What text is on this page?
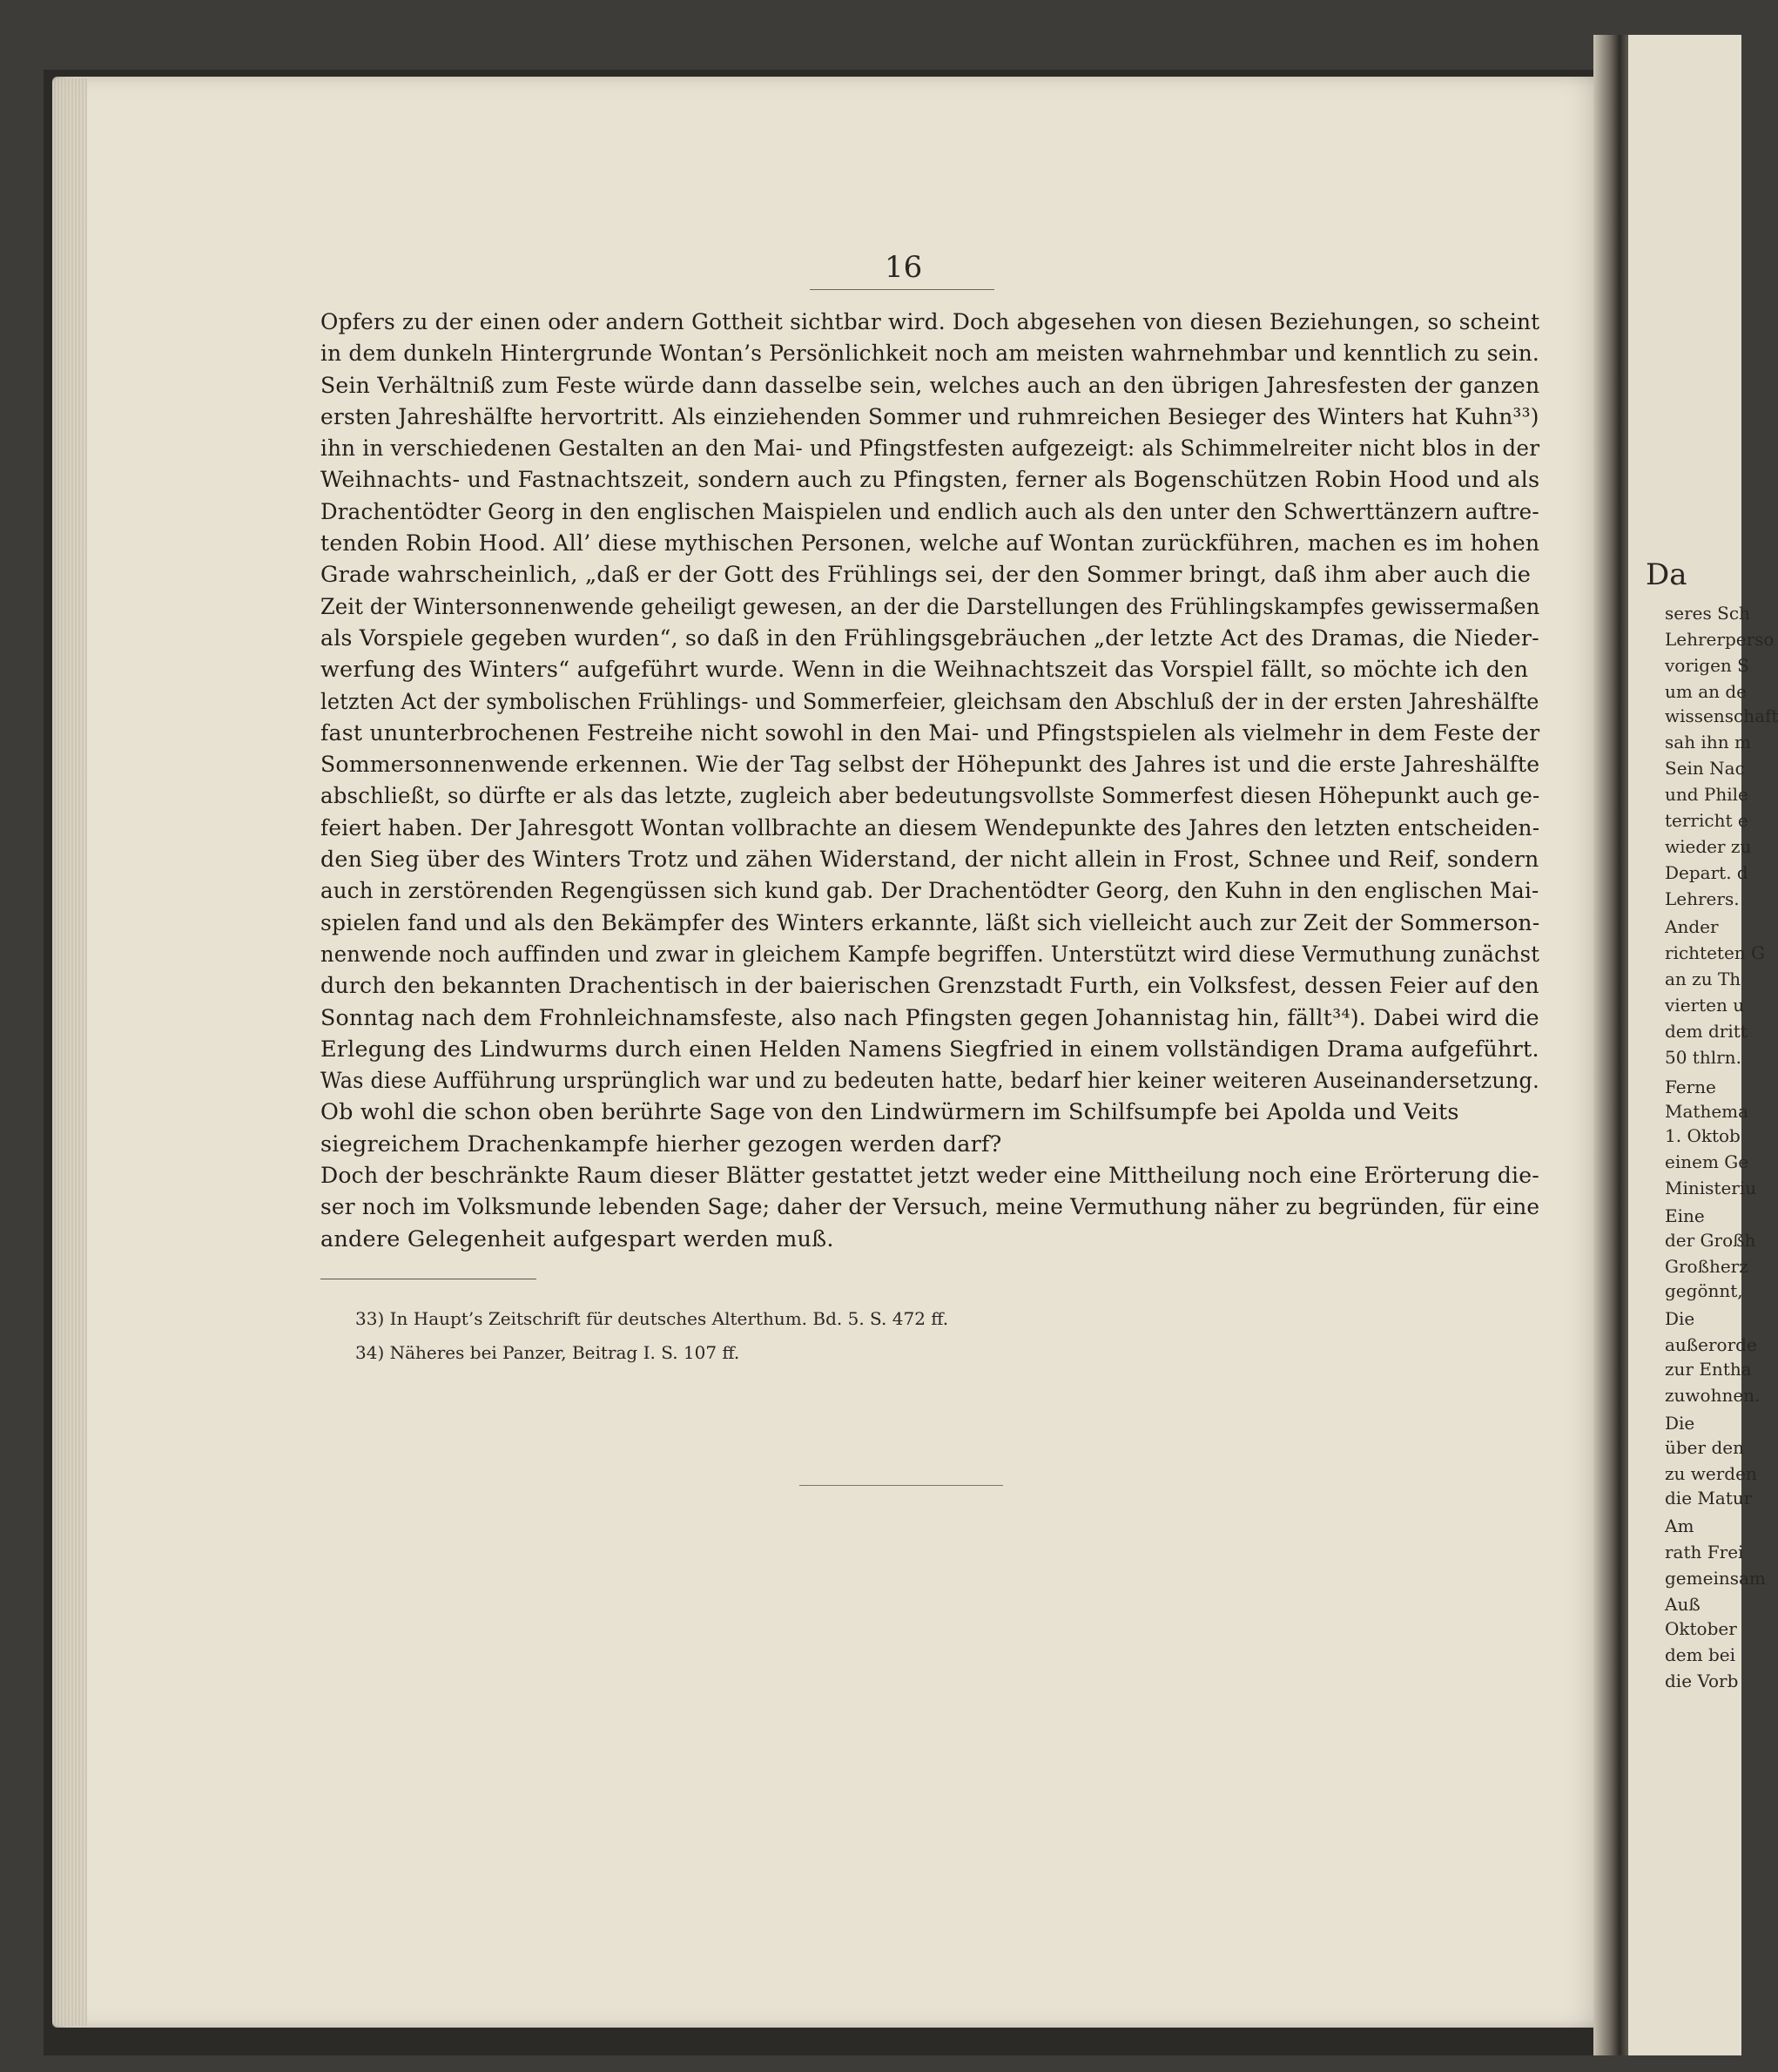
Da
seres Sch
Lehrerperso
vorigen S
um an de
wissenschaft
sah ihn m
Sein Nac
und Phile
terricht e
wieder zu
Depart. d
Lehrers.
Ander
richteten G
an zu Th
vierten u
dem dritt
50 thlrn.
Ferne
Mathema
1. Oktob
einem Ge
Ministeriu
Eine
der Großh
Großherz
gegönnt,
Die
außerorde
zur Entha
zuwohnen.
Die
über den
zu werden
die Matur
Am
rath Frei
gemeinsam
Auß
Oktober
dem bei
die Vorb
16
Opfers zu der einen oder andern Gottheit sichtbar wird. Doch abgesehen von diesen Beziehungen, so scheint
in dem dunkeln Hintergrunde Wontan’s Persönlichkeit noch am meisten wahrnehmbar und kenntlich zu sein.
Sein Verhältniß zum Feste würde dann dasselbe sein, welches auch an den übrigen Jahresfesten der ganzen
ersten Jahreshälfte hervortritt. Als einziehenden Sommer und ruhmreichen Besieger des Winters hat Kuhn³³)
ihn in verschiedenen Gestalten an den Mai- und Pfingstfesten aufgezeigt: als Schimmelreiter nicht blos in der
Weihnachts- und Fastnachtszeit, sondern auch zu Pfingsten, ferner als Bogenschützen Robin Hood und als
Drachentödter Georg in den englischen Maispielen und endlich auch als den unter den Schwerttänzern auftre-
tenden Robin Hood. All’ diese mythischen Personen, welche auf Wontan zurückführen, machen es im hohen
Grade wahrscheinlich, „daß er der Gott des Frühlings sei, der den Sommer bringt, daß ihm aber auch die
Zeit der Wintersonnenwende geheiligt gewesen, an der die Darstellungen des Frühlingskampfes gewissermaßen
als Vorspiele gegeben wurden“, so daß in den Frühlingsgebräuchen „der letzte Act des Dramas, die Nieder-
werfung des Winters“ aufgeführt wurde. Wenn in die Weihnachtszeit das Vorspiel fällt, so möchte ich den
letzten Act der symbolischen Frühlings- und Sommerfeier, gleichsam den Abschluß der in der ersten Jahreshälfte
fast ununterbrochenen Festreihe nicht sowohl in den Mai- und Pfingstspielen als vielmehr in dem Feste der
Sommersonnenwende erkennen. Wie der Tag selbst der Höhepunkt des Jahres ist und die erste Jahreshälfte
abschließt, so dürfte er als das letzte, zugleich aber bedeutungsvollste Sommerfest diesen Höhepunkt auch ge-
feiert haben. Der Jahresgott Wontan vollbrachte an diesem Wendepunkte des Jahres den letzten entscheiden-
den Sieg über des Winters Trotz und zähen Widerstand, der nicht allein in Frost, Schnee und Reif, sondern
auch in zerstörenden Regengüssen sich kund gab. Der Drachentödter Georg, den Kuhn in den englischen Mai-
spielen fand und als den Bekämpfer des Winters erkannte, läßt sich vielleicht auch zur Zeit der Sommerson-
nenwende noch auffinden und zwar in gleichem Kampfe begriffen. Unterstützt wird diese Vermuthung zunächst
durch den bekannten Drachentisch in der baierischen Grenzstadt Furth, ein Volksfest, dessen Feier auf den
Sonntag nach dem Frohnleichnamsfeste, also nach Pfingsten gegen Johannistag hin, fällt³⁴). Dabei wird die
Erlegung des Lindwurms durch einen Helden Namens Siegfried in einem vollständigen Drama aufgeführt.
Was diese Aufführung ursprünglich war und zu bedeuten hatte, bedarf hier keiner weiteren Auseinandersetzung.
Ob wohl die schon oben berührte Sage von den Lindwürmern im Schilfsumpfe bei Apolda und Veits
siegreichem Drachenkampfe hierher gezogen werden darf?
Doch der beschränkte Raum dieser Blätter gestattet jetzt weder eine Mittheilung noch eine Erörterung die-
ser noch im Volksmunde lebenden Sage; daher der Versuch, meine Vermuthung näher zu begründen, für eine
andere Gelegenheit aufgespart werden muß.
33) In Haupt’s Zeitschrift für deutsches Alterthum. Bd. 5. S. 472 ff.
34) Näheres bei Panzer, Beitrag I. S. 107 ff.
